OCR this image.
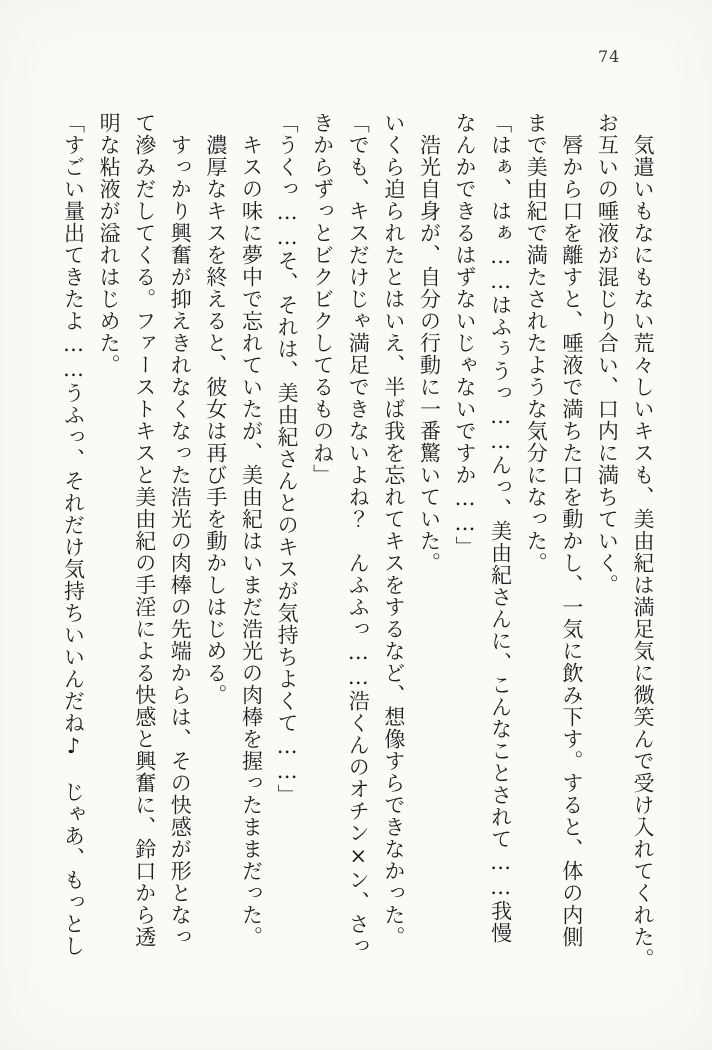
74
　気遣いもなにもない荒々しいキスも、美由紀は満足気に微笑んで受け入れてくれた。
お互いの唾液が混じり合い、口内に満ちていく。
　唇から口を離すと、唾液で満ちた口を動かし、一気に飲み下す。すると、体の内側
まで美由紀で満たされたような気分になった。
「はぁ、はぁ……はふぅうっ……んっ、美由紀さんに、こんなことされて……我慢
なんかできるはずないじゃないですか……」
　浩光自身が、自分の行動に一番驚いていた。
いくら迫られたとはいえ、半ば我を忘れてキスをするなど、想像すらできなかった。
「でも、キスだけじゃ満足できないよね？　んふふっ……浩くんのオチン×ン、さっ
きからずっとビクビクしてるものね」
「うくっ……そ、それは、美由紀さんとのキスが気持ちよくて……」
　キスの味に夢中で忘れていたが、美由紀はいまだ浩光の肉棒を握ったままだった。
　濃厚なキスを終えると、彼女は再び手を動かしはじめる。
　すっかり興奮が抑えきれなくなった浩光の肉棒の先端からは、その快感が形となっ
て滲みだしてくる。ファーストキスと美由紀の手淫による快感と興奮に、鈴口から透
明な粘液が溢れはじめた。
「すごい量出てきたよ……うふっ、それだけ気持ちいいんだね♪　じゃあ、もっとし
